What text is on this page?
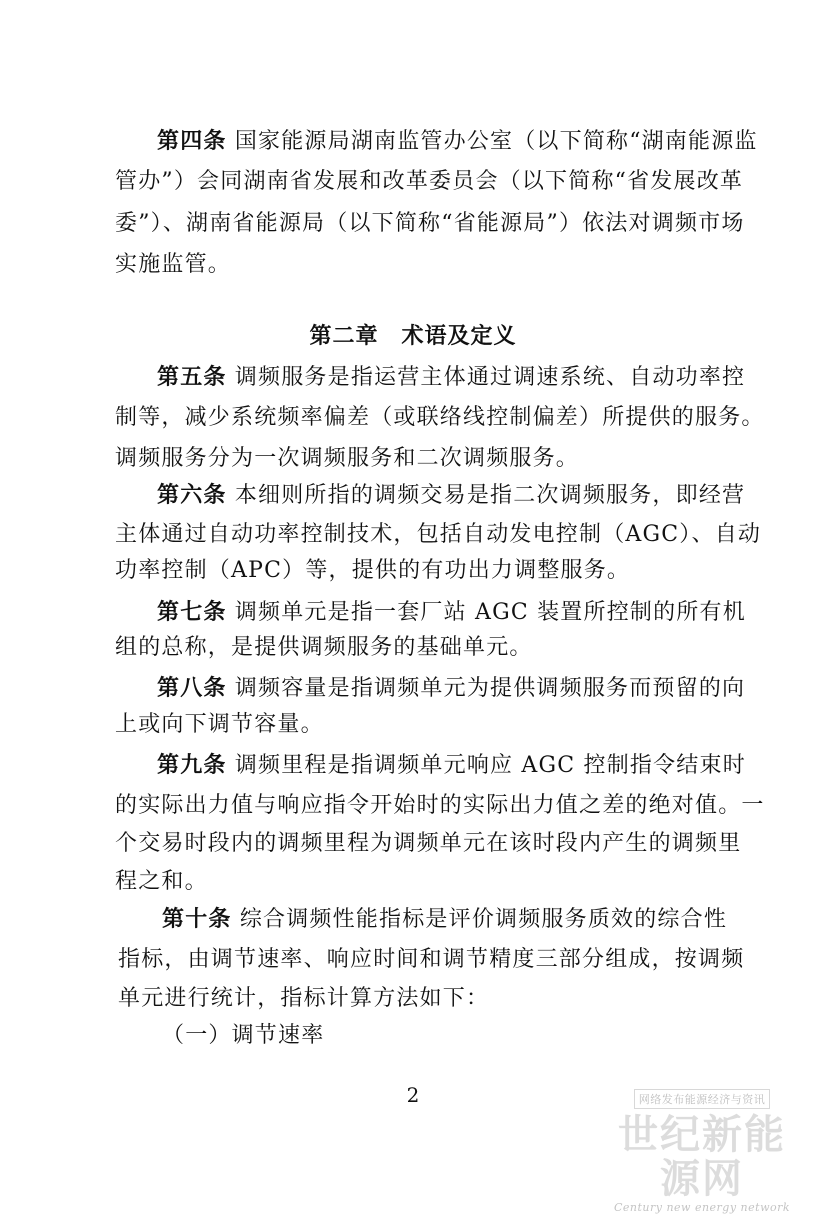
第四条 国家能源局湖南监管办公室（以下简称“湖南能源监
管办”）会同湖南省发展和改革委员会（以下简称“省发展改革
委”）、湖南省能源局（以下简称“省能源局”）依法对调频市场
实施监管。
第二章　术语及定义
第五条 调频服务是指运营主体通过调速系统、自动功率控
制等，减少系统频率偏差（或联络线控制偏差）所提供的服务。
调频服务分为一次调频服务和二次调频服务。
第六条 本细则所指的调频交易是指二次调频服务，即经营
主体通过自动功率控制技术，包括自动发电控制（AGC）、自动
功率控制（APC）等，提供的有功出力调整服务。
第七条 调频单元是指一套厂站 AGC 装置所控制的所有机
组的总称，是提供调频服务的基础单元。
第八条 调频容量是指调频单元为提供调频服务而预留的向
上或向下调节容量。
第九条 调频里程是指调频单元响应 AGC 控制指令结束时
的实际出力值与响应指令开始时的实际出力值之差的绝对值。一
个交易时段内的调频里程为调频单元在该时段内产生的调频里
程之和。
第十条 综合调频性能指标是评价调频服务质效的综合性
指标，由调节速率、响应时间和调节精度三部分组成，按调频
单元进行统计，指标计算方法如下：
（一）调节速率
2	网络发布能源经济与资讯
世纪新能源网
Century new energy network
